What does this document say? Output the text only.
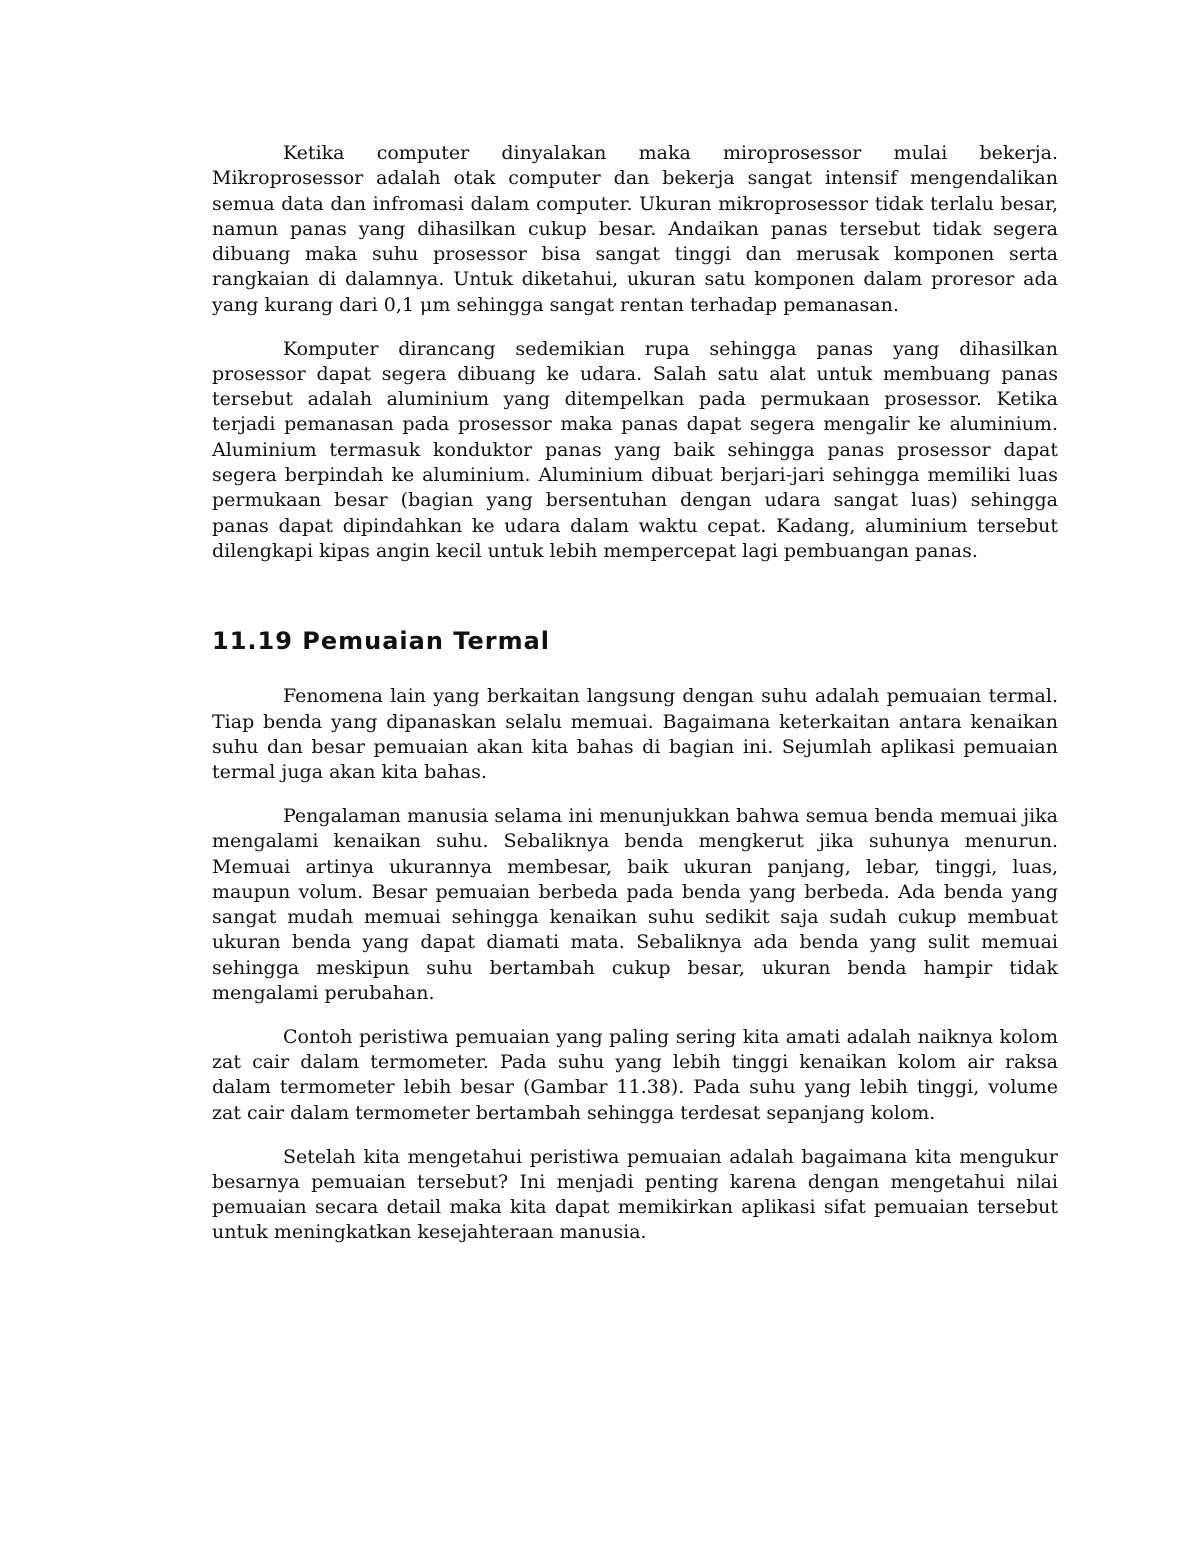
Ketika computer dinyalakan maka miroprosessor mulai bekerja. Mikroprosessor adalah otak computer dan bekerja sangat intensif mengendalikan semua data dan infromasi dalam computer. Ukuran mikroprosessor tidak terlalu besar, namun panas yang dihasilkan cukup besar. Andaikan panas tersebut tidak segera dibuang maka suhu prosessor bisa sangat tinggi dan merusak komponen serta rangkaian di dalamnya. Untuk diketahui, ukuran satu komponen dalam proresor ada yang kurang dari 0,1 μm sehingga sangat rentan terhadap pemanasan.

Komputer dirancang sedemikian rupa sehingga panas yang dihasilkan prosessor dapat segera dibuang ke udara. Salah satu alat untuk membuang panas tersebut adalah aluminium yang ditempelkan pada permukaan prosessor. Ketika terjadi pemanasan pada prosessor maka panas dapat segera mengalir ke aluminium. Aluminium termasuk konduktor panas yang baik sehingga panas prosessor dapat segera berpindah ke aluminium. Aluminium dibuat berjari-jari sehingga memiliki luas permukaan besar (bagian yang bersentuhan dengan udara sangat luas) sehingga panas dapat dipindahkan ke udara dalam waktu cepat. Kadang, aluminium tersebut dilengkapi kipas angin kecil untuk lebih mempercepat lagi pembuangan panas.

11.19 Pemuaian Termal

Fenomena lain yang berkaitan langsung dengan suhu adalah pemuaian termal. Tiap benda yang dipanaskan selalu memuai. Bagaimana keterkaitan antara kenaikan suhu dan besar pemuaian akan kita bahas di bagian ini. Sejumlah aplikasi pemuaian termal juga akan kita bahas.

Pengalaman manusia selama ini menunjukkan bahwa semua benda memuai jika mengalami kenaikan suhu. Sebaliknya benda mengkerut jika suhunya menurun. Memuai artinya ukurannya membesar, baik ukuran panjang, lebar, tinggi, luas, maupun volum. Besar pemuaian berbeda pada benda yang berbeda. Ada benda yang sangat mudah memuai sehingga kenaikan suhu sedikit saja sudah cukup membuat ukuran benda yang dapat diamati mata. Sebaliknya ada benda yang sulit memuai sehingga meskipun suhu bertambah cukup besar, ukuran benda hampir tidak mengalami perubahan.

Contoh peristiwa pemuaian yang paling sering kita amati adalah naiknya kolom zat cair dalam termometer. Pada suhu yang lebih tinggi kenaikan kolom air raksa dalam termometer lebih besar (Gambar 11.38). Pada suhu yang lebih tinggi, volume zat cair dalam termometer bertambah sehingga terdesat sepanjang kolom.

Setelah kita mengetahui peristiwa pemuaian adalah bagaimana kita mengukur besarnya pemuaian tersebut? Ini menjadi penting karena dengan mengetahui nilai pemuaian secara detail maka kita dapat memikirkan aplikasi sifat pemuaian tersebut untuk meningkatkan kesejahteraan manusia.
